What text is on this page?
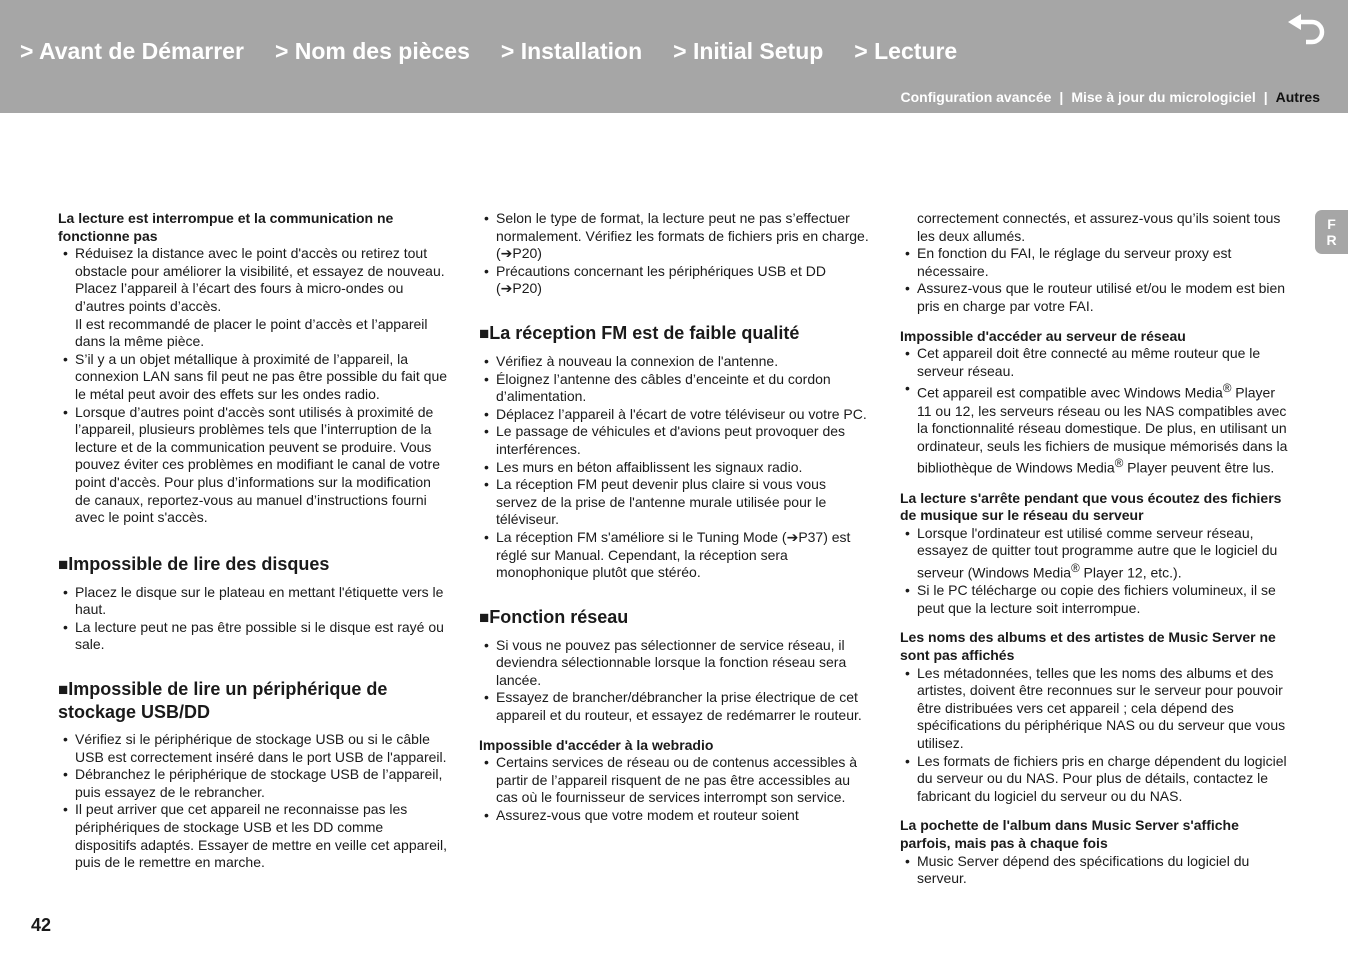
> Avant de Démarrer > Nom des pièces > Installation > Initial Setup > Lecture
Configuration avancée | Mise à jour du micrologiciel | Autres
F
R

La lecture est interrompue et la communication ne fonctionne pas

• Réduisez la distance avec le point d'accès ou retirez tout obstacle pour améliorer la visibilité, et essayez de nouveau. Placez l’appareil à l’écart des fours à micro-ondes ou d’autres points d’accès.
Il est recommandé de placer le point d’accès et l’appareil dans la même pièce.
• S’il y a un objet métallique à proximité de l’appareil, la connexion LAN sans fil peut ne pas être possible du fait que le métal peut avoir des effets sur les ondes radio.
• Lorsque d’autres point d'accès sont utilisés à proximité de l’appareil, plusieurs problèmes tels que l’interruption de la lecture et de la communication peuvent se produire. Vous pouvez éviter ces problèmes en modifiant le canal de votre point d'accès. Pour plus d’informations sur la modification de canaux, reportez-vous au manuel d’instructions fourni avec le point s'accès.
■ Impossible de lire des disques
• Placez le disque sur le plateau en mettant l'étiquette vers le haut.
• La lecture peut ne pas être possible si le disque est rayé ou sale.
■ Impossible de lire un périphérique de stockage USB/DD
• Vérifiez si le périphérique de stockage USB ou si le câble USB est correctement inséré dans le port USB de l'appareil.
• Débranchez le périphérique de stockage USB de l’appareil, puis essayez de le rebrancher.
• Il peut arriver que cet appareil ne reconnaisse pas les périphériques de stockage USB et les DD comme dispositifs adaptés. Essayer de mettre en veille cet appareil, puis de le remettre en marche.
• Selon le type de format, la lecture peut ne pas s’effectuer normalement. Vérifiez les formats de fichiers pris en charge. (➔P20)
• Précautions concernant les périphériques USB et DD (➔P20)
■ La réception FM est de faible qualité
• Vérifiez à nouveau la connexion de l'antenne.
• Éloignez l’antenne des câbles d’enceinte et du cordon d’alimentation.
• Déplacez l’appareil à l'écart de votre téléviseur ou votre PC.
• Le passage de véhicules et d'avions peut provoquer des interférences.
• Les murs en béton affaiblissent les signaux radio.
• La réception FM peut devenir plus claire si vous vous servez de la prise de l'antenne murale utilisée pour le téléviseur.
• La réception FM s'améliore si le Tuning Mode (➔P37) est réglé sur Manual. Cependant, la réception sera monophonique plutôt que stéréo.
■ Fonction réseau
• Si vous ne pouvez pas sélectionner de service réseau, il deviendra sélectionnable lorsque la fonction réseau sera lancée.
• Essayez de brancher/débrancher la prise électrique de cet appareil et du routeur, et essayez de redémarrer le routeur.

Impossible d'accéder à la webradio

• Certains services de réseau ou de contenus accessibles à partir de l’appareil risquent de ne pas être accessibles au cas où le fournisseur de services interrompt son service.
• Assurez-vous que votre modem et routeur soient
correctement connectés, et assurez-vous qu’ils soient tous les deux allumés.
• En fonction du FAI, le réglage du serveur proxy est nécessaire.
• Assurez-vous que le routeur utilisé et/ou le modem est bien pris en charge par votre FAI.

Impossible d'accéder au serveur de réseau

• Cet appareil doit être connecté au même routeur que le serveur réseau.
• Cet appareil est compatible avec Windows Media® Player 11 ou 12, les serveurs réseau ou les NAS compatibles avec la fonctionnalité réseau domestique. De plus, en utilisant un ordinateur, seuls les fichiers de musique mémorisés dans la bibliothèque de Windows Media® Player peuvent être lus.

La lecture s'arrête pendant que vous écoutez des fichiers de musique sur le réseau du serveur

• Lorsque l'ordinateur est utilisé comme serveur réseau, essayez de quitter tout programme autre que le logiciel du serveur (Windows Media® Player 12, etc.).
• Si le PC télécharge ou copie des fichiers volumineux, il se peut que la lecture soit interrompue.

Les noms des albums et des artistes de Music Server ne sont pas affichés

• Les métadonnées, telles que les noms des albums et des artistes, doivent être reconnues sur le serveur pour pouvoir être distribuées vers cet appareil ; cela dépend des spécifications du périphérique NAS ou du serveur que vous utilisez.
• Les formats de fichiers pris en charge dépendent du logiciel du serveur ou du NAS. Pour plus de détails, contactez le fabricant du logiciel du serveur ou du NAS.

La pochette de l'album dans Music Server s'affiche parfois, mais pas à chaque fois

• Music Server dépend des spécifications du logiciel du serveur.
42
